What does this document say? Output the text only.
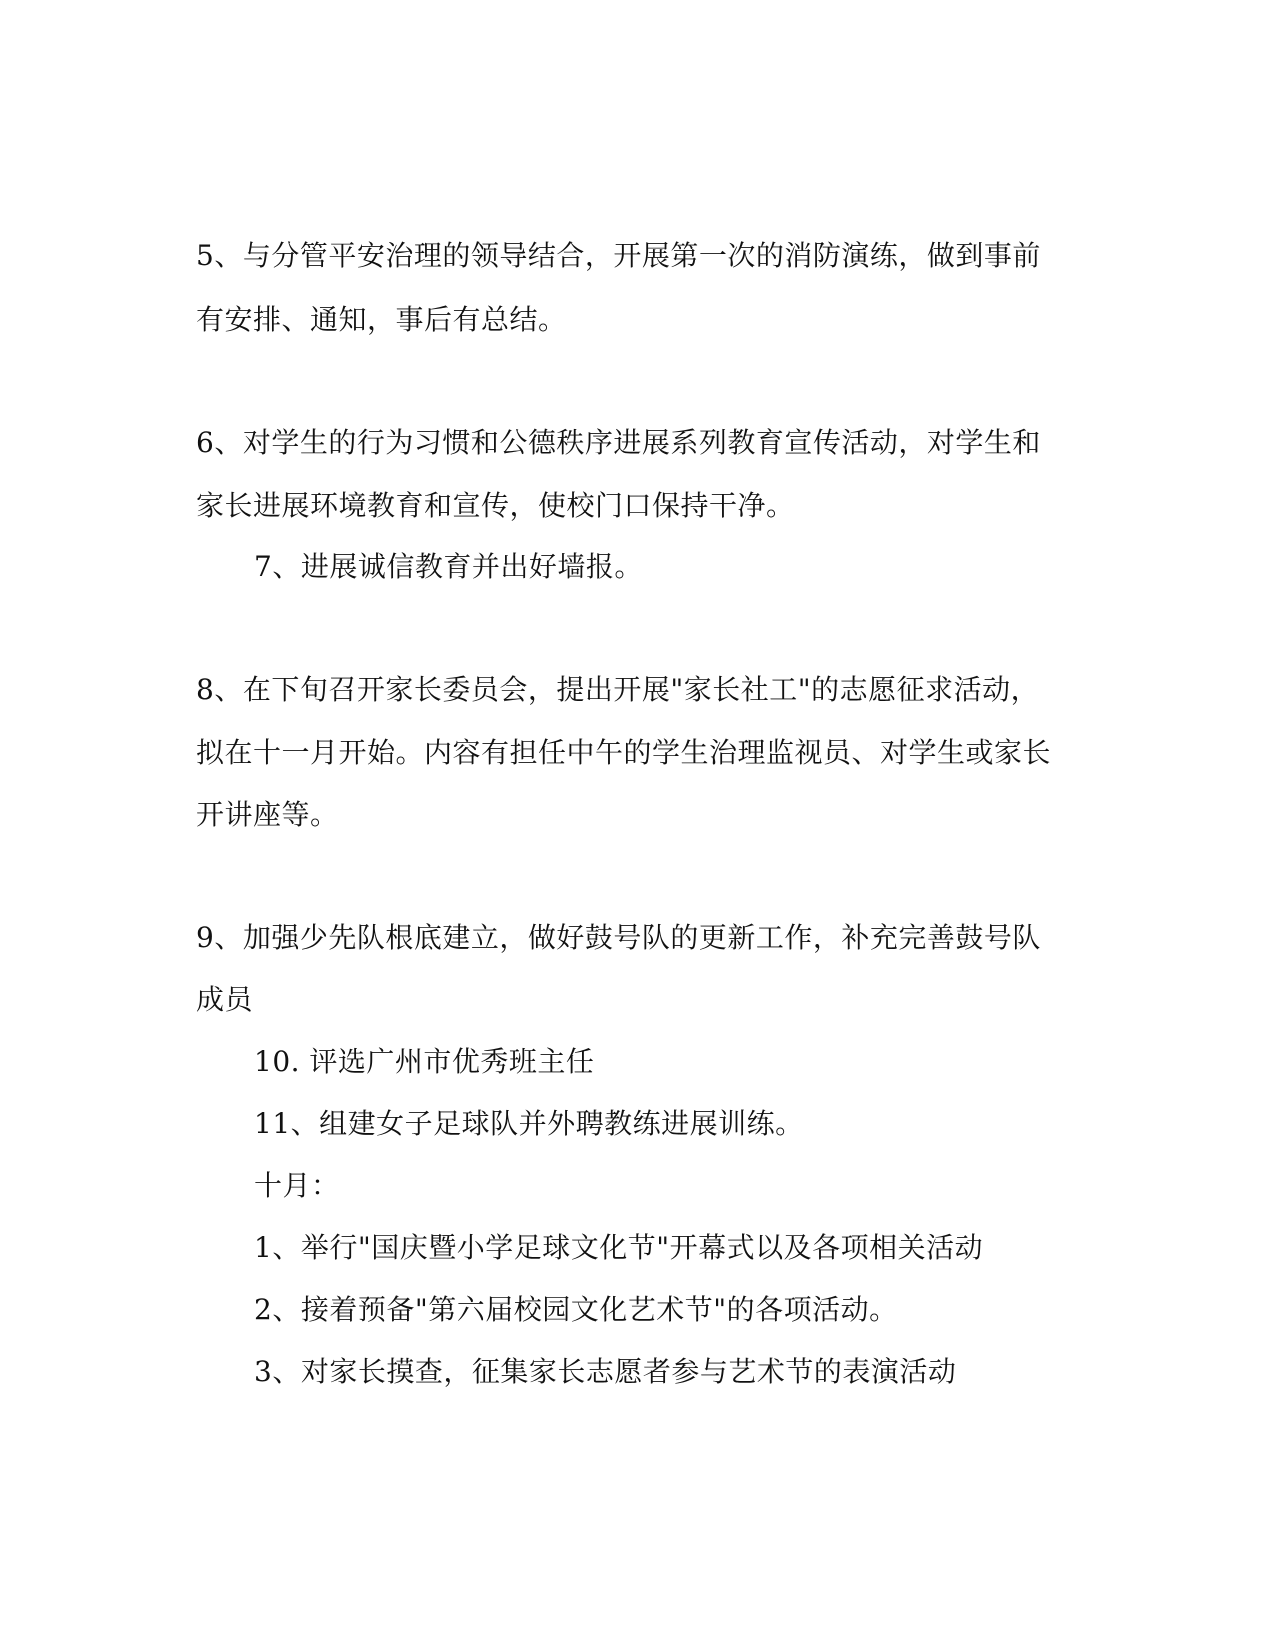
5、与分管平安治理的领导结合，开展第一次的消防演练，做到事前
有安排、通知，事后有总结。
6、对学生的行为习惯和公德秩序进展系列教育宣传活动，对学生和
家长进展环境教育和宣传，使校门口保持干净。
7、进展诚信教育并出好墙报。
8、在下旬召开家长委员会，提出开展"家长社工"的志愿征求活动，
拟在十一月开始。内容有担任中午的学生治理监视员、对学生或家长
开讲座等。
9、加强少先队根底建立，做好鼓号队的更新工作，补充完善鼓号队
成员
10. 评选广州市优秀班主任
11、组建女子足球队并外聘教练进展训练。
十月：
1、举行"国庆暨小学足球文化节"开幕式以及各项相关活动
2、接着预备"第六届校园文化艺术节"的各项活动。
3、对家长摸查，征集家长志愿者参与艺术节的表演活动
